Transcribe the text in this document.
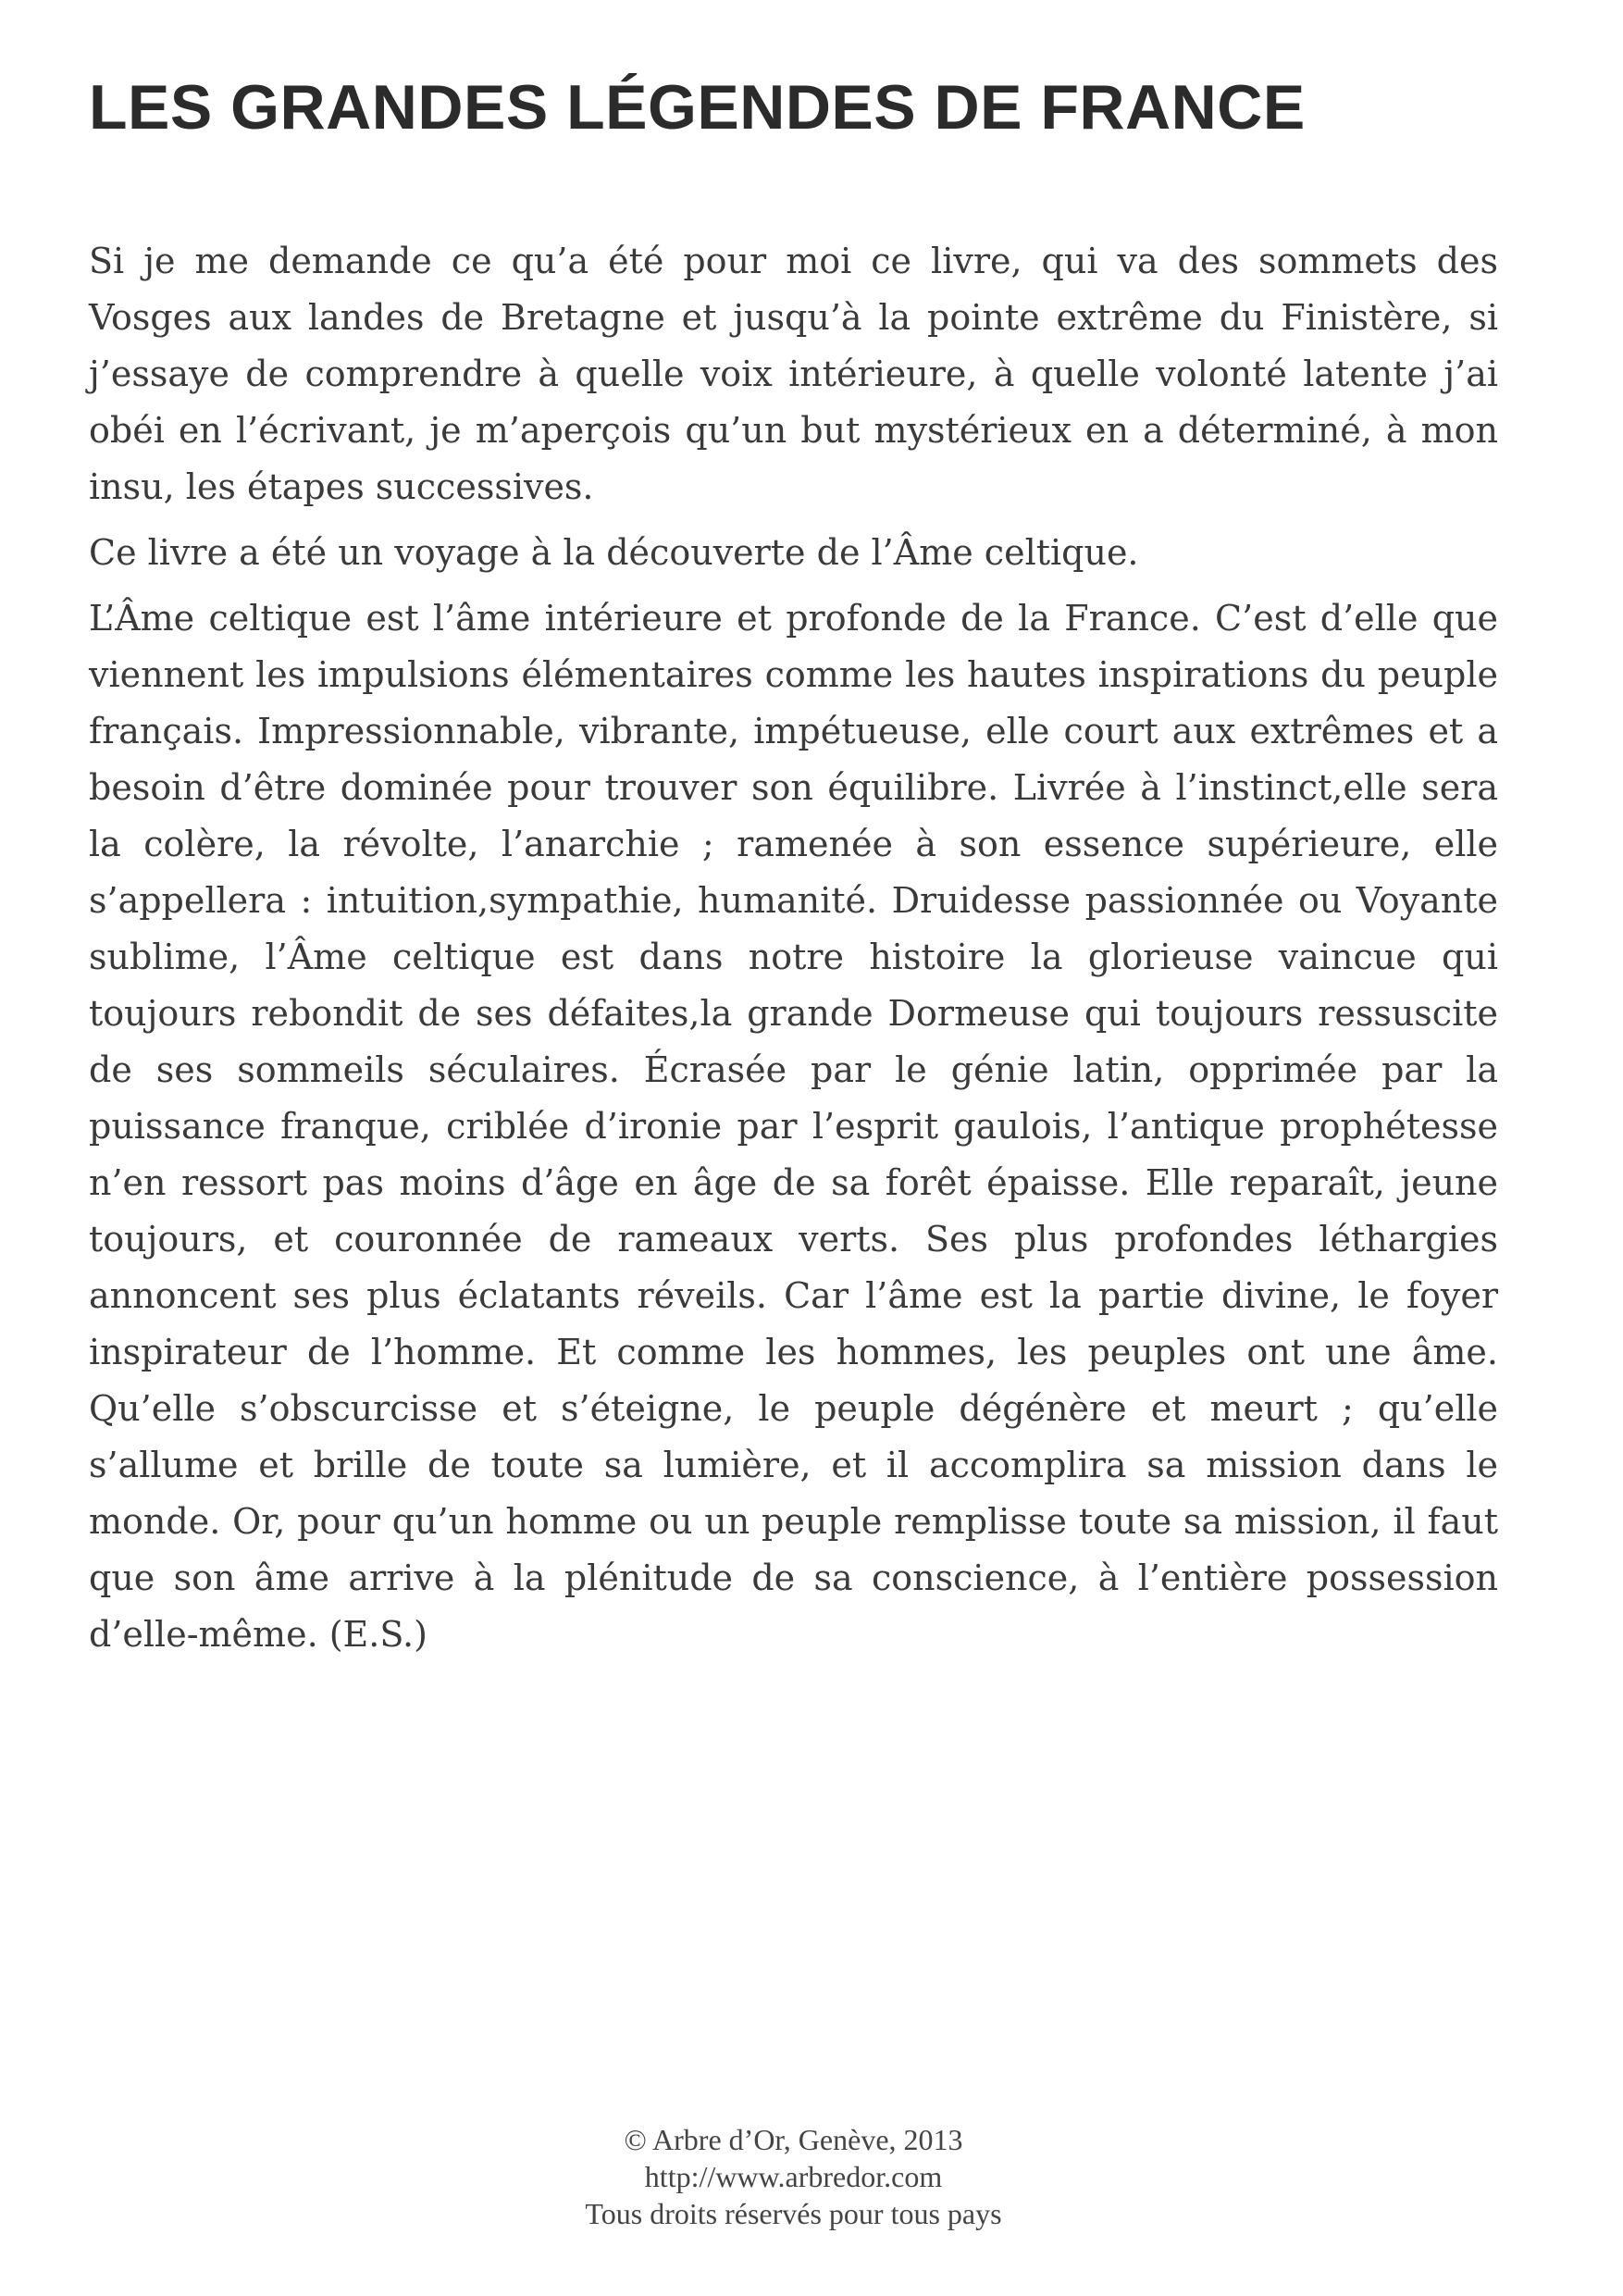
LES GRANDES LÉGENDES DE FRANCE

Si je me demande ce qu’a été pour moi ce livre, qui va des sommets des Vosges aux landes de Bretagne et jusqu’à la pointe extrême du Finistère, si j’essaye de comprendre à quelle voix intérieure, à quelle volonté latente j’ai obéi en l’écrivant, je m’aperçois qu’un but mystérieux en a déterminé, à mon insu, les étapes successives.

Ce livre a été un voyage à la découverte de l’Âme celtique.

L’Âme celtique est l’âme intérieure et profonde de la France. C’est d’elle que viennent les impulsions élémentaires comme les hautes inspirations du peuple français. Impressionnable, vibrante, impétueuse, elle court aux extrêmes et a besoin d’être dominée pour trouver son équilibre. Livrée à l’instinct,elle sera la colère, la révolte, l’anarchie ; ramenée à son essence supérieure, elle s’appellera : intuition,sympathie, humanité. Druidesse passionnée ou Voyante sublime, l’Âme celtique est dans notre histoire la glorieuse vaincue qui toujours rebondit de ses défaites,la grande Dormeuse qui toujours ressuscite de ses sommeils séculaires. Écrasée par le génie latin, opprimée par la puissance franque, criblée d’ironie par l’esprit gaulois, l’antique prophétesse n’en ressort pas moins d’âge en âge de sa forêt épaisse. Elle reparaît, jeune toujours, et couronnée de rameaux verts. Ses plus profondes léthargies annoncent ses plus éclatants réveils. Car l’âme est la partie divine, le foyer inspirateur de l’homme. Et comme les hommes, les peuples ont une âme. Qu’elle s’obscurcisse et s’éteigne, le peuple dégénère et meurt ; qu’elle s’allume et brille de toute sa lumière, et il accomplira sa mission dans le monde. Or, pour qu’un homme ou un peuple remplisse toute sa mission, il faut que son âme arrive à la plénitude de sa conscience, à l’entière possession d’elle-même. (E.S.)

© Arbre d’Or, Genève, 2013
http://www.arbredor.com
Tous droits réservés pour tous pays
